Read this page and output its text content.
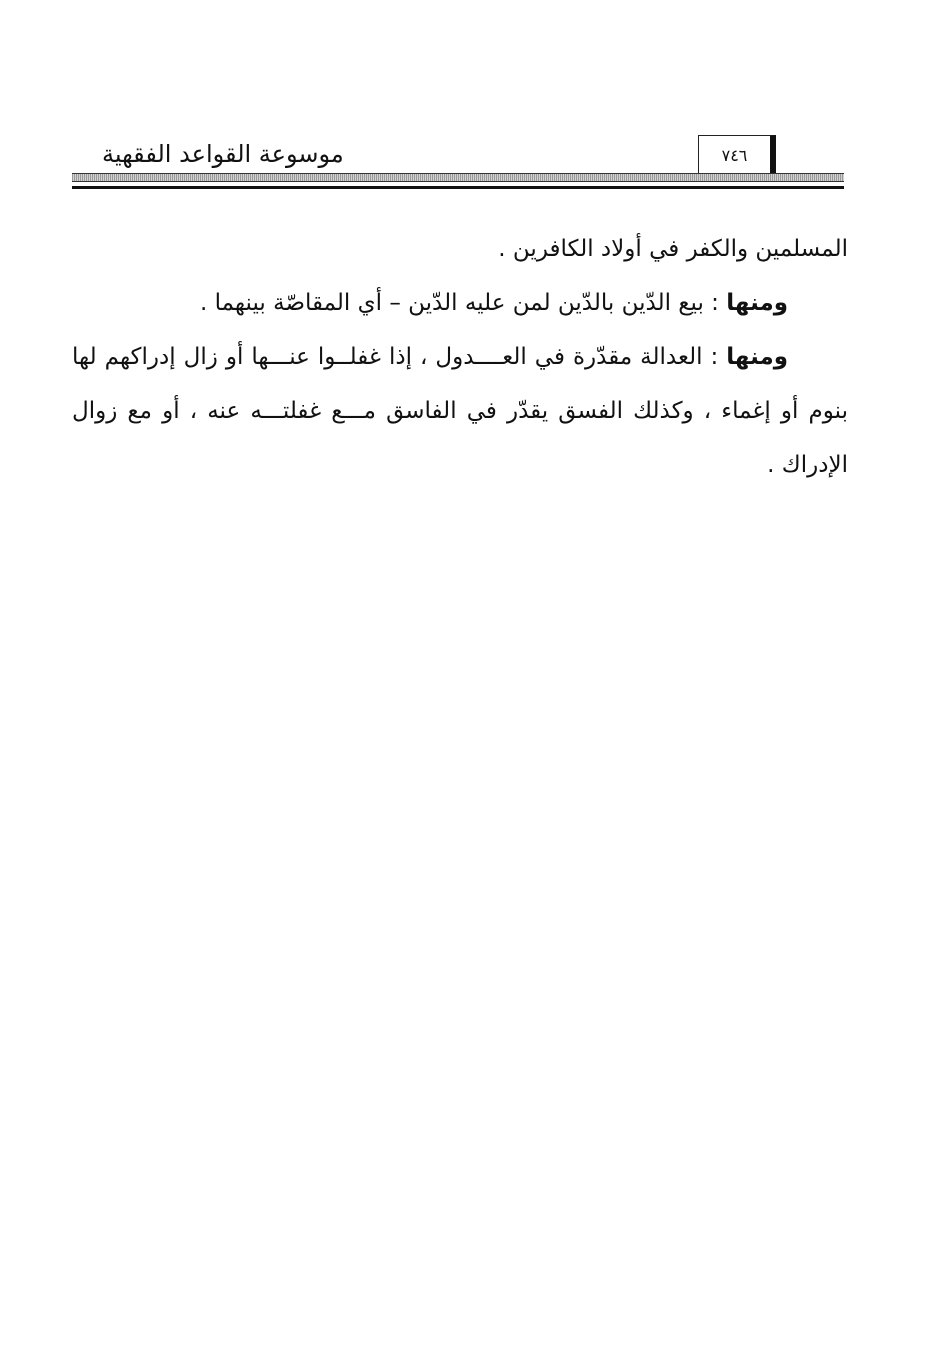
موسوعة القواعد الفقهية	٧٤٦

المسلمين والكفر في أولاد الكافرين .

ومنها : بيع الدّين بالدّين لمن عليه الدّين – أي المقاصّة بينهما .

ومنها : العدالة مقدّرة في العــــدول ، إذا غفلــوا عنـــها أو زال إدراكهم لها بنوم أو إغماء ، وكذلك الفسق يقدّر في الفاسق مـــع غفلتـــه عنه ، أو مع زوال الإدراك .
